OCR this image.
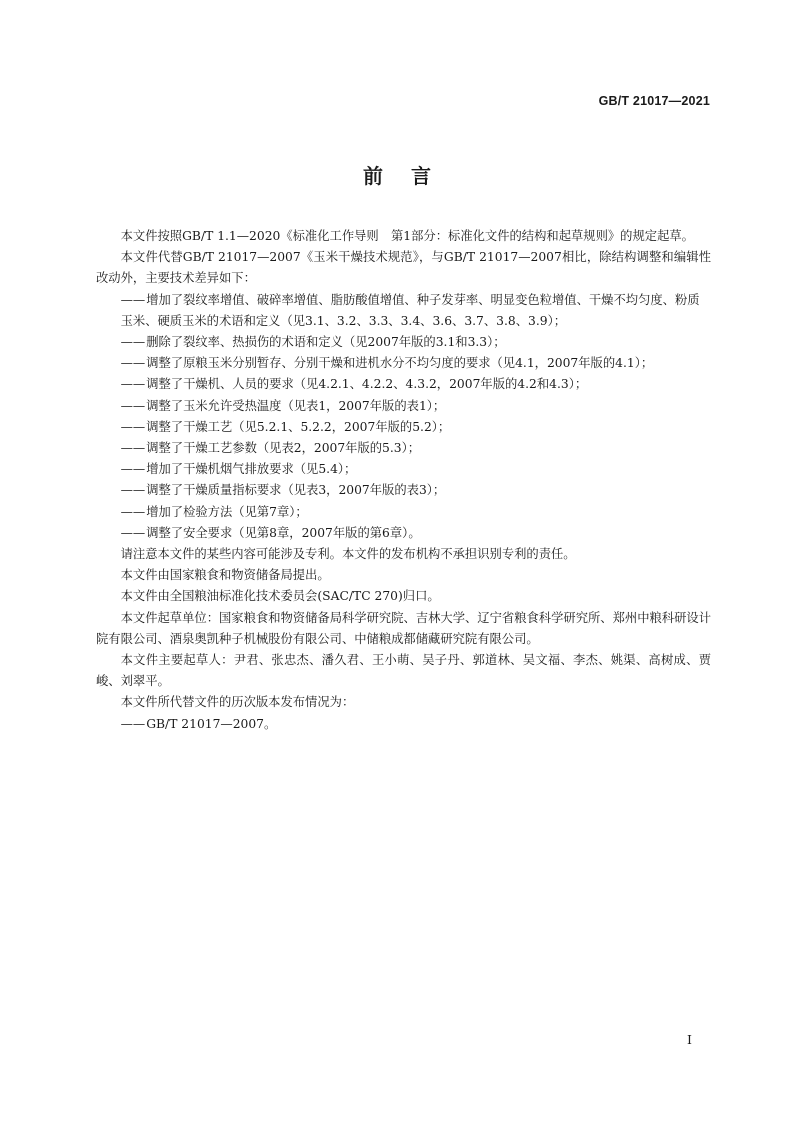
GB/T 21017—2021
前言

本文件按照GB/T 1.1—2020《标准化工作导则　第1部分：标准化文件的结构和起草规则》的规定起草。

本文件代替GB/T 21017—2007《玉米干燥技术规范》，与GB/T 21017—2007相比，除结构调整和编辑性改动外，主要技术差异如下：

——增加了裂纹率增值、破碎率增值、脂肪酸值增值、种子发芽率、明显变色粒增值、干燥不均匀度、粉质玉米、硬质玉米的术语和定义（见3.1、3.2、3.3、3.4、3.6、3.7、3.8、3.9）；

——删除了裂纹率、热损伤的术语和定义（见2007年版的3.1和3.3）；

——调整了原粮玉米分别暂存、分别干燥和进机水分不均匀度的要求（见4.1，2007年版的4.1）；

——调整了干燥机、人员的要求（见4.2.1、4.2.2、4.3.2，2007年版的4.2和4.3）；

——调整了玉米允许受热温度（见表1，2007年版的表1）；

——调整了干燥工艺（见5.2.1、5.2.2，2007年版的5.2）；

——调整了干燥工艺参数（见表2，2007年版的5.3）；

——增加了干燥机烟气排放要求（见5.4）；

——调整了干燥质量指标要求（见表3，2007年版的表3）；

——增加了检验方法（见第7章）；

——调整了安全要求（见第8章，2007年版的第6章）。

请注意本文件的某些内容可能涉及专利。本文件的发布机构不承担识别专利的责任。

本文件由国家粮食和物资储备局提出。

本文件由全国粮油标准化技术委员会(SAC/TC 270)归口。

本文件起草单位：国家粮食和物资储备局科学研究院、吉林大学、辽宁省粮食科学研究所、郑州中粮科研设计院有限公司、酒泉奥凯种子机械股份有限公司、中储粮成都储藏研究院有限公司。

本文件主要起草人：尹君、张忠杰、潘久君、王小萌、吴子丹、郭道林、吴文福、李杰、姚渠、高树成、贾峻、刘翠平。

本文件所代替文件的历次版本发布情况为：

——GB/T 21017—2007。

I
